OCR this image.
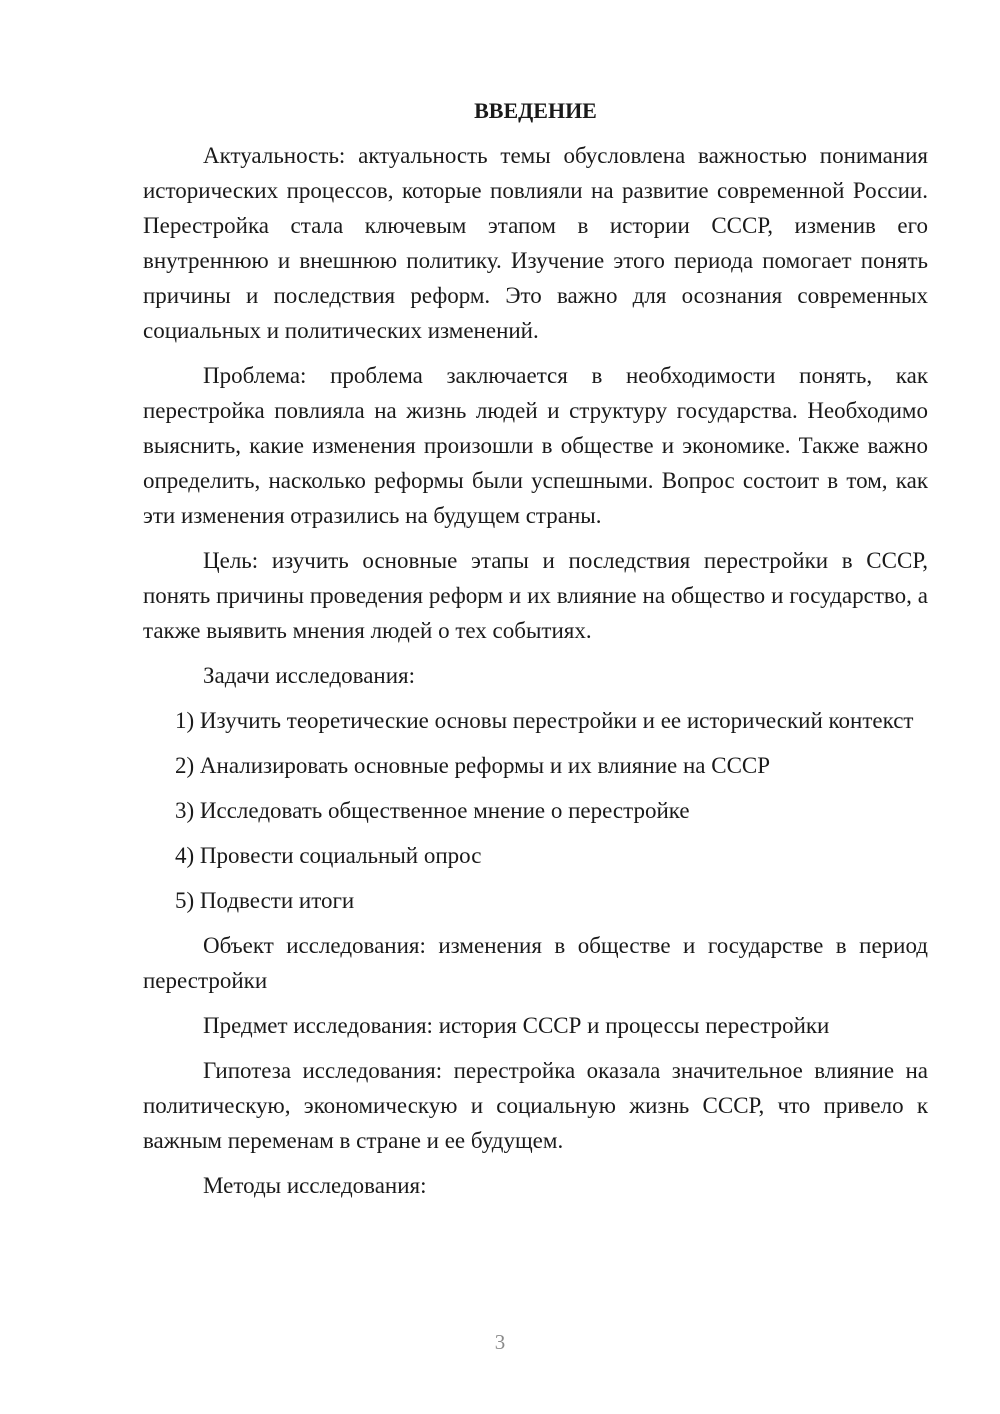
ВВЕДЕНИЕ

Актуальность: актуальность темы обусловлена важностью понимания исторических процессов, которые повлияли на развитие современной России. Перестройка стала ключевым этапом в истории СССР, изменив его внутреннюю и внешнюю политику. Изучение этого периода помогает понять причины и последствия реформ. Это важно для осознания современных социальных и политических изменений.

Проблема: проблема заключается в необходимости понять, как перестройка повлияла на жизнь людей и структуру государства. Необходимо выяснить, какие изменения произошли в обществе и экономике. Также важно определить, насколько реформы были успешными. Вопрос состоит в том, как эти изменения отразились на будущем страны.

Цель: изучить основные этапы и последствия перестройки в СССР, понять причины проведения реформ и их влияние на общество и государство, а также выявить мнения людей о тех событиях.

Задачи исследования:

1) Изучить теоретические основы перестройки и ее исторический контекст

2) Анализировать основные реформы и их влияние на СССР

3) Исследовать общественное мнение о перестройке

4) Провести социальный опрос

5) Подвести итоги

Объект исследования: изменения в обществе и государстве в период перестройки

Предмет исследования: история СССР и процессы перестройки

Гипотеза исследования: перестройка оказала значительное влияние на политическую, экономическую и социальную жизнь СССР, что привело к важным переменам в стране и ее будущем.

Методы исследования:

3
